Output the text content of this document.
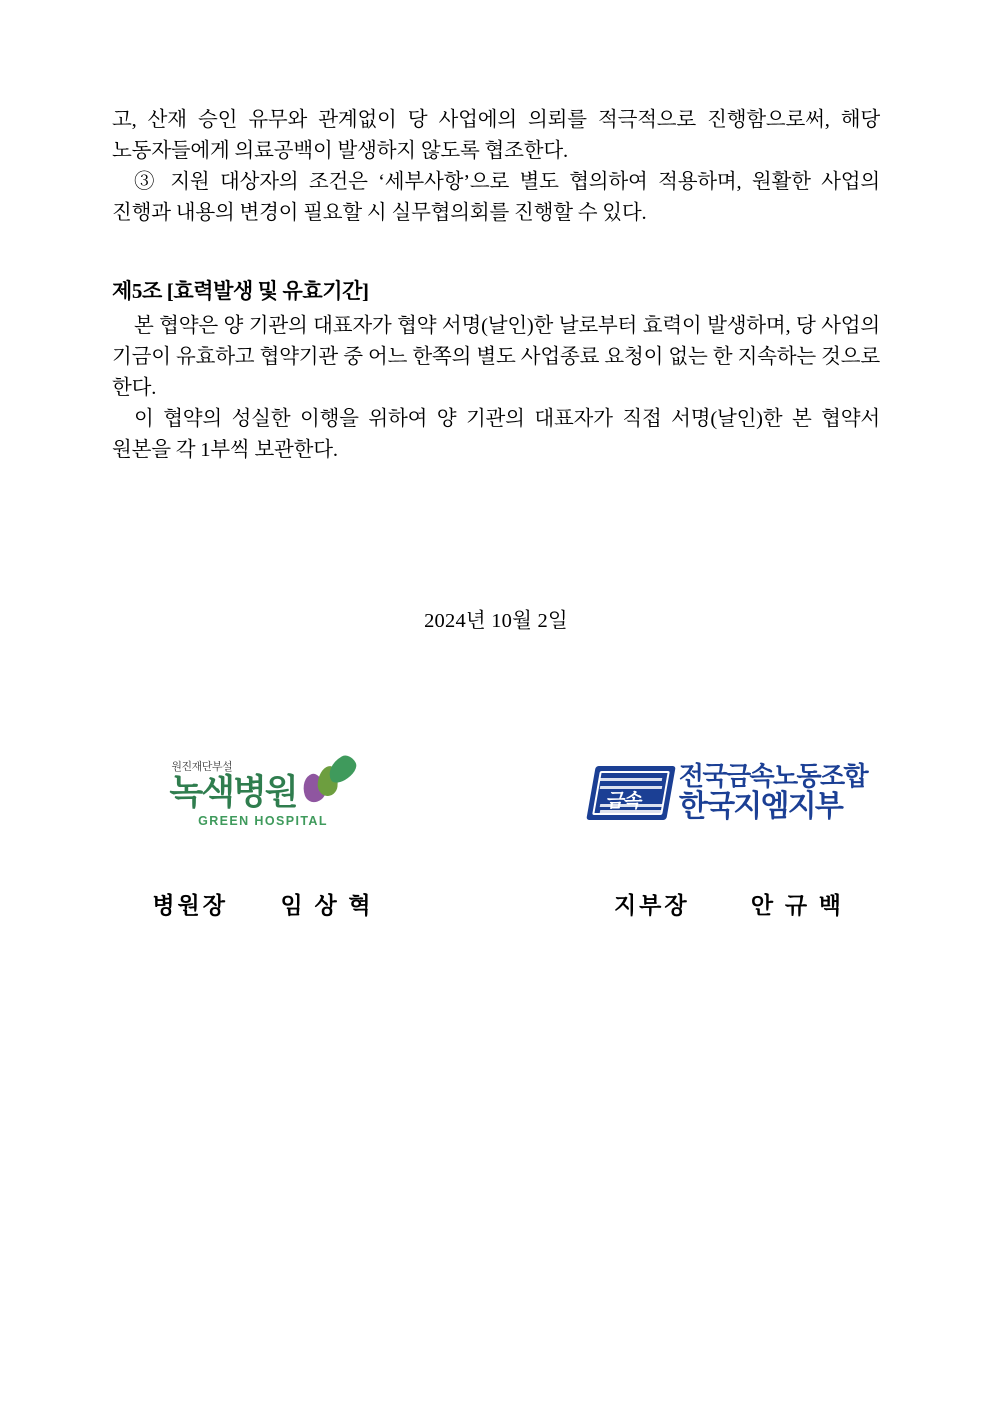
고, 산재 승인 유무와 관계없이 당 사업에의 의뢰를 적극적으로 진행함으로써, 해당 노동자들에게 의료공백이 발생하지 않도록 협조한다.

③ 지원 대상자의 조건은 ‘세부사항’으로 별도 협의하여 적용하며, 원활한 사업의 진행과 내용의 변경이 필요할 시 실무협의회를 진행할 수 있다.

제5조 [효력발생 및 유효기간]

본 협약은 양 기관의 대표자가 협약 서명(날인)한 날로부터 효력이 발생하며, 당 사업의 기금이 유효하고 협약기관 중 어느 한쪽의 별도 사업종료 요청이 없는 한 지속하는 것으로 한다.

이 협약의 성실한 이행을 위하여 양 기관의 대표자가 직접 서명(날인)한 본 협약서 원본을 각 1부씩 보관한다.

2024년 10월 2일

원진재단부설
녹색병원
GREEN HOSPITAL
병원장      임 상 혁
금속
전국금속노동조합
한국지엠지부
지부장       안 규 백
